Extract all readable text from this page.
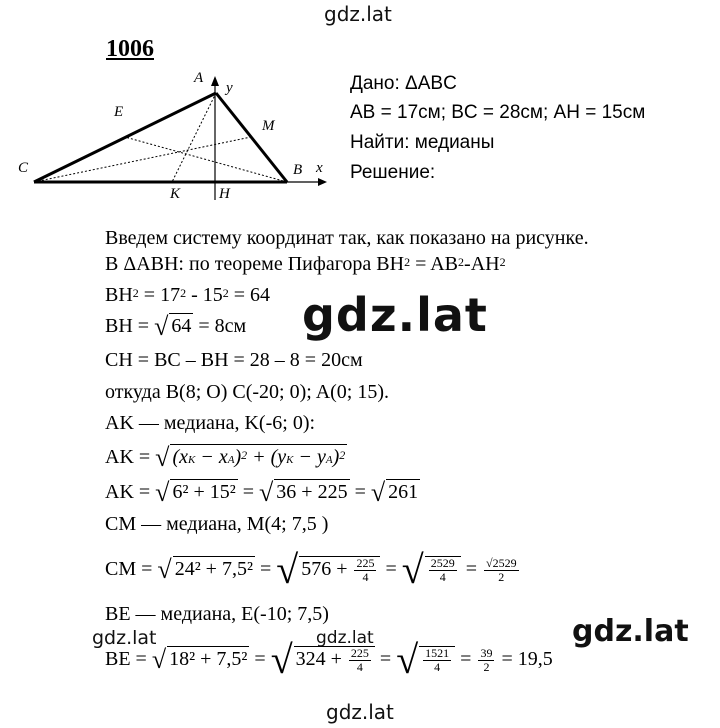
gdz.lat
gdz.lat
gdz.lat	gdz.lat	gdz.lat
gdz.lat
1006
A
y
E
M
C	B x
K	H
Дано: ΔABC
AB = 17см; BC = 28см; AH = 15см
Найти: медианы
Решение:
Введем систему координат так, как показано на рисунке.
В ΔABH: по теореме Пифагора $BH^2 = AB^2-AH^2$
$BH^2 = 17^2 - 15^2 = 64$
BH = √ 64 = 8см
CH = BC – BH = 28 – 8 = 20см
откуда B(8; O) C(-20; 0); A(0; 15).
AK — медиана, K(-6; 0):
AK = √ (xK − xA)$^2$ + (yK − yA)$^2$
AK = √ 6² + 15² = √ 36 + 225 = √ 261
CM — медиана, M(4; 7,5 )
CM = √ 24² + 7,5² = √ $576 + \frac{225}{4}$ = √ $\frac{2529}{4} = \frac{√2529}{2}$
BE — медиана, E(-10; 7,5)
BE = √ 18² + 7,5² = √ $324 + \frac{225}{4}$ = √ $\frac{1521}{4} = \frac{39}{2} = 19,5$
